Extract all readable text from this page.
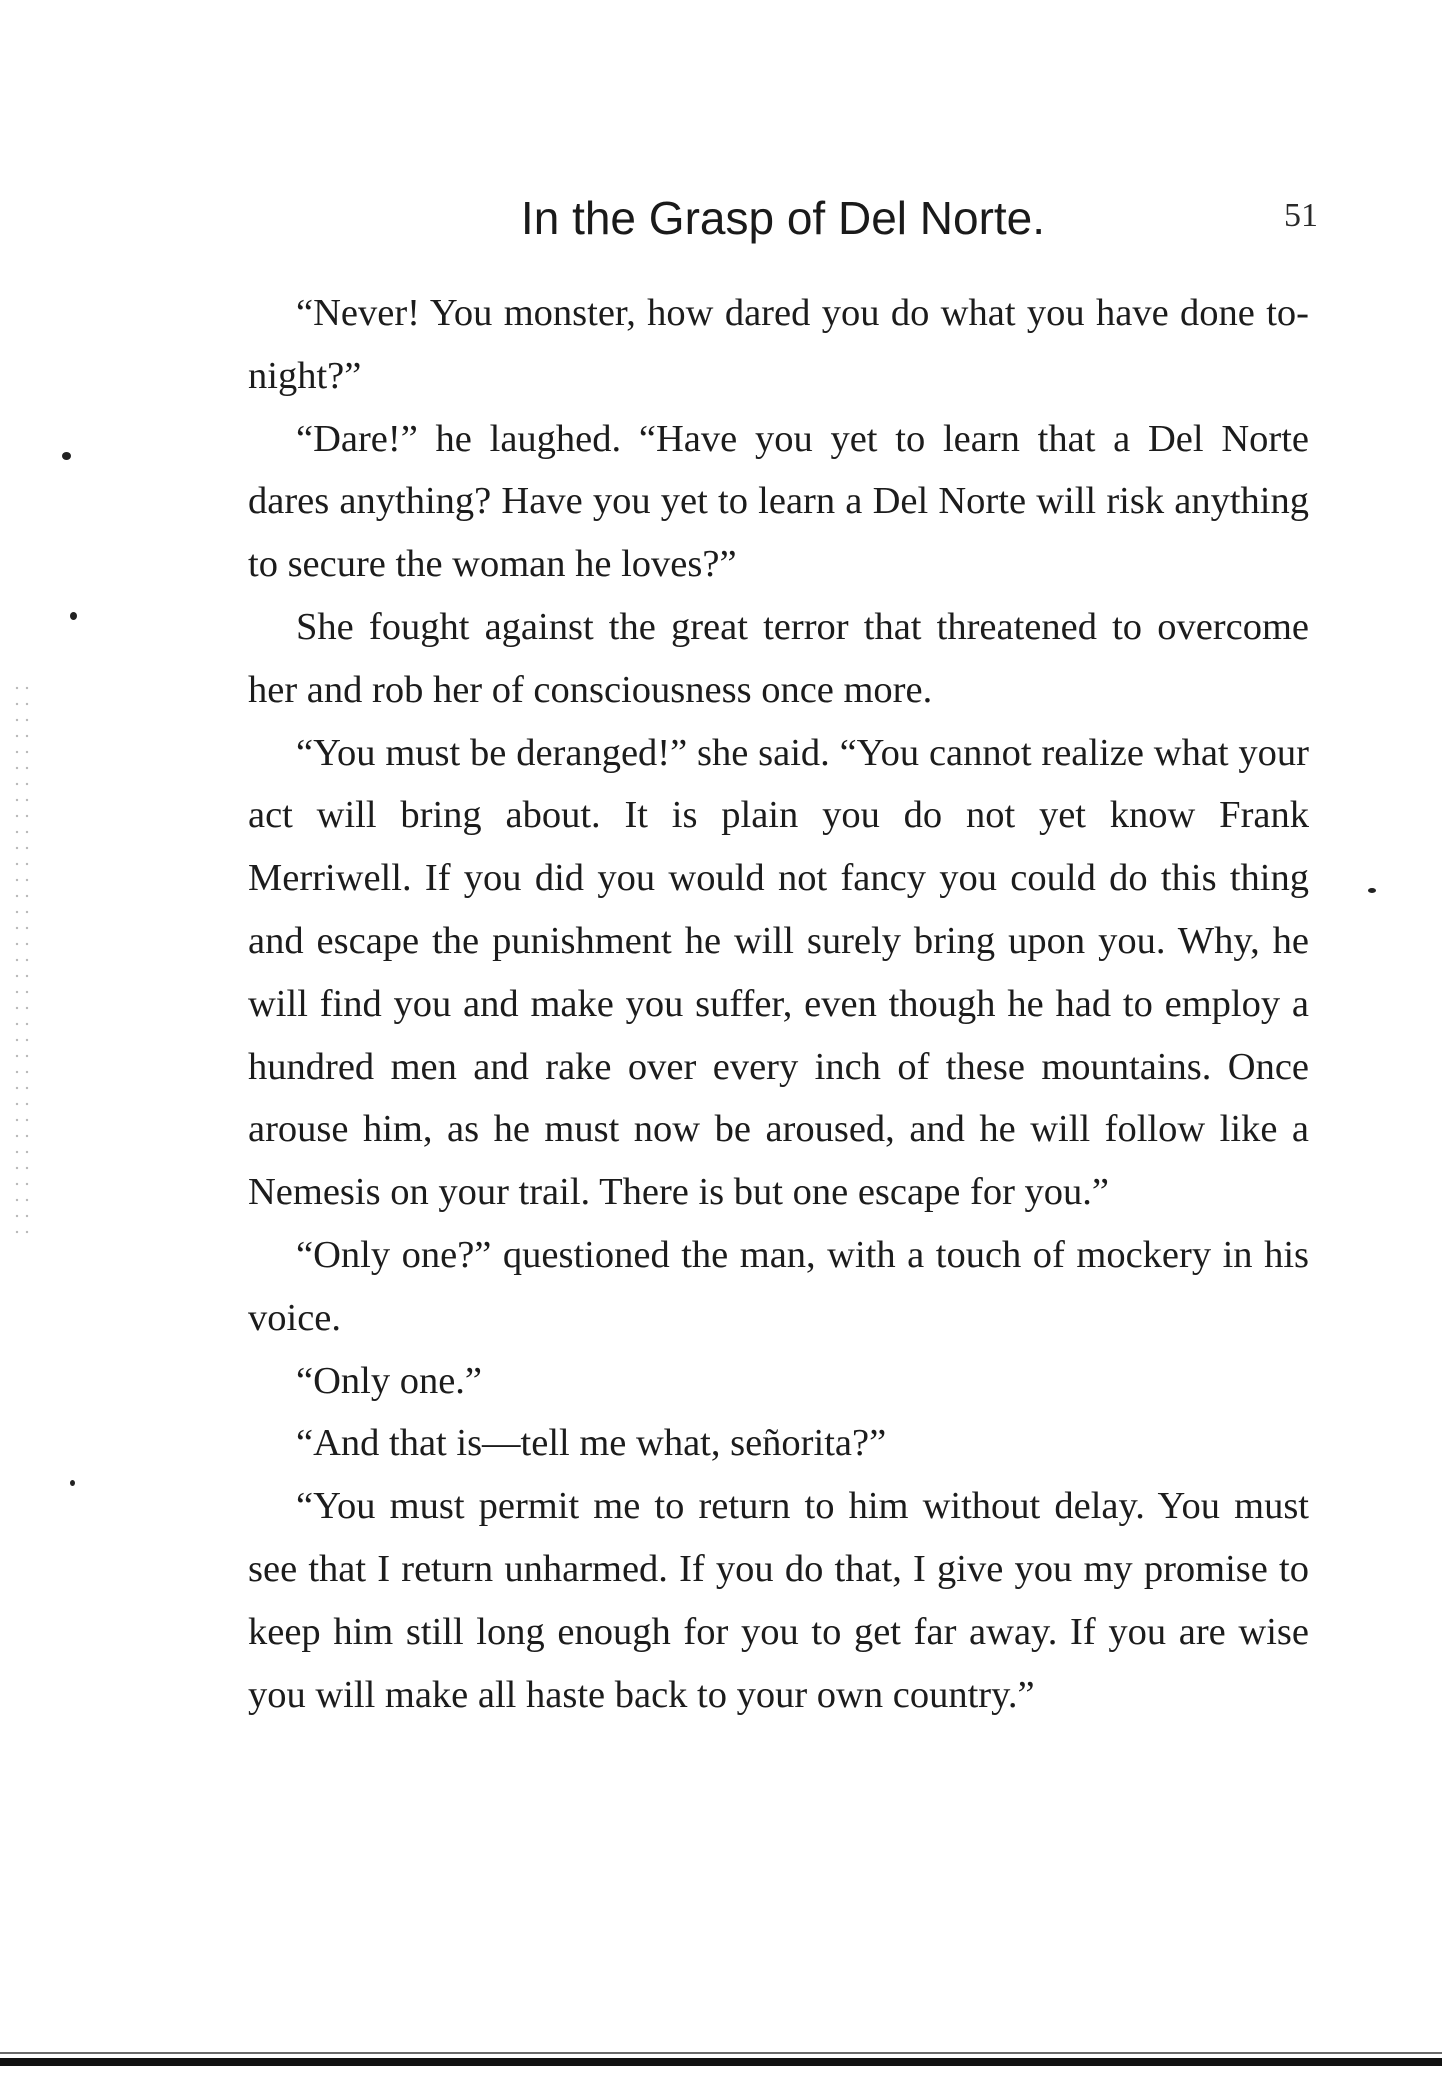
In the Grasp of Del Norte.	51

“Never! You monster, how dared you do what you have done to-night?”

“Dare!” he laughed. “Have you yet to learn that a Del Norte dares anything? Have you yet to learn a Del Norte will risk anything to secure the woman he loves?”

She fought against the great terror that threatened to overcome her and rob her of consciousness once more.

“You must be deranged!” she said. “You cannot realize what your act will bring about. It is plain you do not yet know Frank Merriwell. If you did you would not fancy you could do this thing and escape the punishment he will surely bring upon you. Why, he will find you and make you suffer, even though he had to employ a hundred men and rake over every inch of these mountains. Once arouse him, as he must now be aroused, and he will follow like a Nemesis on your trail. There is but one escape for you.”

“Only one?” questioned the man, with a touch of mockery in his voice.

“Only one.”

“And that is—tell me what, señorita?”

“You must permit me to return to him without delay. You must see that I return unharmed. If you do that, I give you my promise to keep him still long enough for you to get far away. If you are wise you will make all haste back to your own country.”
